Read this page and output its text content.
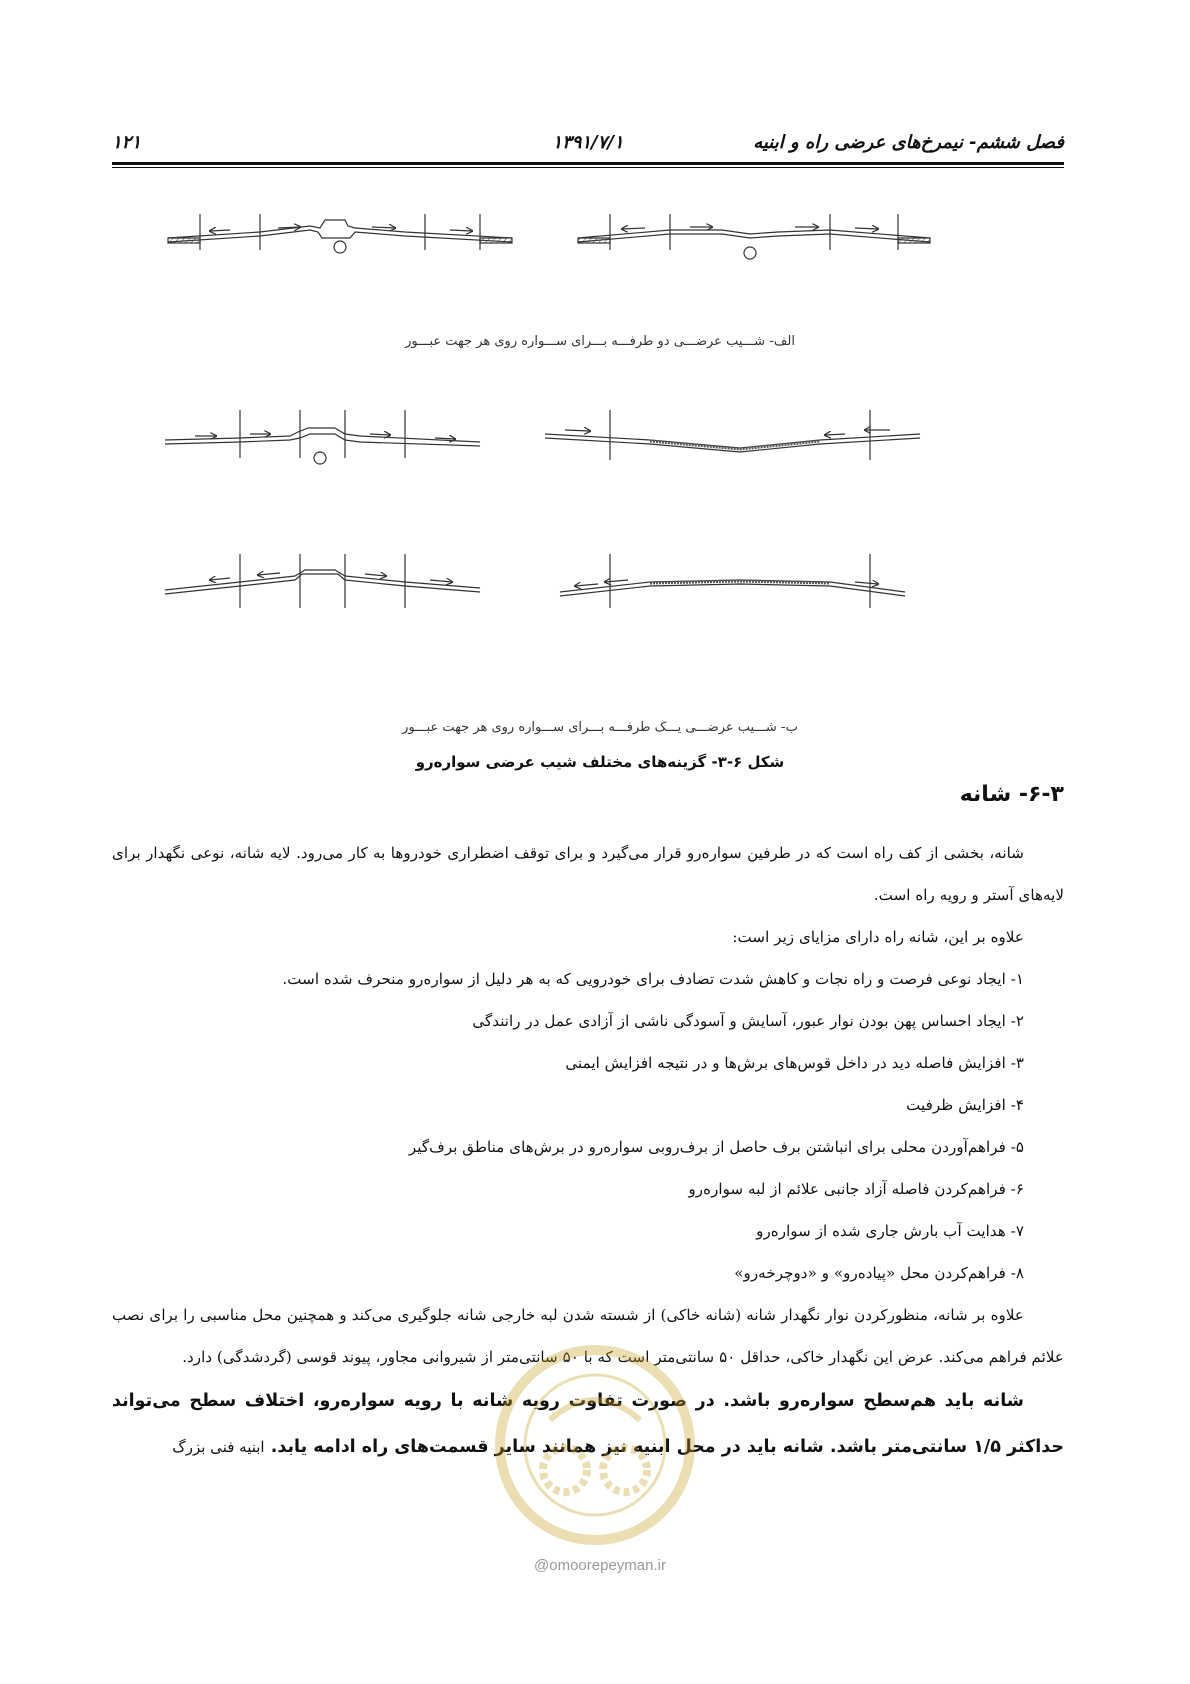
فصل ششم- نیمرخ‌های عرضی راه و ابنیه
۱۳۹۱/۷/۱
۱۲۱
الف- شـــیب عرضـــی دو طرفـــه بـــرای ســـواره روی هر جهت عبـــور
ب- شـــیب عرضـــی یـــک طرفـــه بـــرای ســـواره روی هر جهت عبـــور
شکل ۶-۳- گزینه‌های مختلف شیب عرضی سواره‌رو
۶-۳- شانه

شانه، بخشی از کف راه است که در طرفین سواره‌رو قرار می‌گیرد و برای توقف اضطراری خودروها به کار می‌رود. لایه شانه، نوعی نگهدار برای لایه‌های آستر و رویه راه است.

علاوه بر این، شانه راه دارای مزایای زیر است:

۱- ایجاد نوعی فرصت و راه نجات و کاهش شدت تصادف برای خودرویی که به هر دلیل از سواره‌رو منحرف شده است.

۲- ایجاد احساس پهن بودن نوار عبور، آسایش و آسودگی ناشی از آزادی عمل در رانندگی

۳- افزایش فاصله دید در داخل قوس‌های برش‌ها و در نتیجه افزایش ایمنی

۴- افزایش ظرفیت

۵- فراهم‌آوردن محلی برای انباشتن برف حاصل از برف‌روبی سواره‌رو در برش‌های مناطق برف‌گیر

۶- فراهم‌کردن فاصله آزاد جانبی علائم از لبه سواره‌رو

۷- هدایت آب بارش جاری شده از سواره‌رو

۸- فراهم‌کردن محل «پیاده‌رو» و «دوچرخه‌رو»

علاوه بر شانه، منظورکردن نوار نگهدار شانه (شانه خاکی) از شسته شدن لبه خارجی شانه جلوگیری می‌کند و همچنین محل مناسبی را برای نصب علائم فراهم می‌کند. عرض این نگهدار خاکی، حداقل ۵۰ سانتی‌متر است که با ۵۰ سانتی‌متر از شیروانی مجاور، پیوند قوسی (گردشدگی) دارد.

شانه باید هم‌سطح سواره‌رو باشد. در صورت تفاوت رویه شانه با رویه سواره‌رو، اختلاف سطح می‌تواند حداکثر ۱/۵ سانتی‌متر باشد. شانه باید در محل ابنیه نیز همانند سایر قسمت‌های راه ادامه یابد. ابنیه فنی بزرگ

@omoorepeyman.ir
